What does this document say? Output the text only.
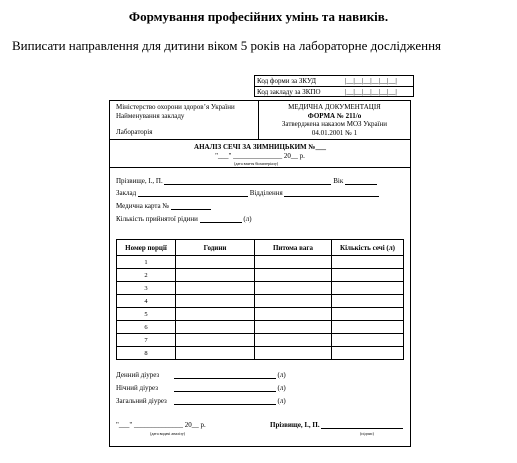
Формування професійних умінь та навиків.
Виписати направлення для дитини віком 5 років на лабораторне дослідження
Код форми за ЗКУД	|__|__|__|__|__|__|
Код закладу за ЗКПО	|__|__|__|__|__|__|
Міністерство охорони здоров’я України
Найменування закладу
Лабораторія
МЕДИЧНА ДОКУМЕНТАЦІЯ
ФОРМА № 211/о
Затверджена наказом МОЗ України
04.01.2001 № 1
АНАЛІЗ СЕЧІ ЗА ЗИМНИЦЬКИМ №___
"___" ______________ 20__ р.
(дата взяття біоматеріалу)
Прізвище, І., П.	Вік
Заклад	Відділення
Медична карта №
Кількість прийнятої рідини	(л)
Номер порції	Години	Питома вага	Кількість сечі (л)
1			
2			
3			
4			
5			
6			
7			
8			
Денний діурез	(л)
Нічний діурез	(л)
Загальний діурез	(л)
"___" ______________ 20__ р.
(дата видачі аналізу)
Прізвище, І., П.
(підпис)
